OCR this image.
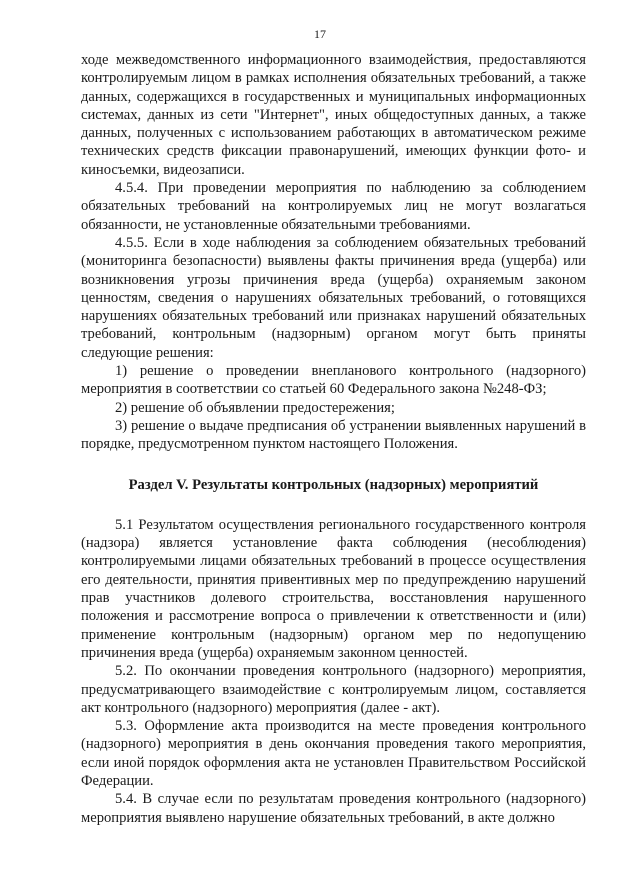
17

ходе межведомственного информационного взаимодействия, предоставляются контролируемым лицом в рамках исполнения обязательных требований, а также данных, содержащихся в государственных и муниципальных информационных системах, данных из сети "Интернет", иных общедоступных данных, а также данных, полученных с использованием работающих в автоматическом режиме технических средств фиксации правонарушений, имеющих функции фото- и киносъемки, видеозаписи.

4.5.4. При проведении мероприятия по наблюдению за соблюдением обязательных требований на контролируемых лиц не могут возлагаться обязанности, не установленные обязательными требованиями.

4.5.5. Если в ходе наблюдения за соблюдением обязательных требований (мониторинга безопасности) выявлены факты причинения вреда (ущерба) или возникновения угрозы причинения вреда (ущерба) охраняемым законом ценностям, сведения о нарушениях обязательных требований, о готовящихся нарушениях обязательных требований или признаках нарушений обязательных требований, контрольным (надзорным) органом могут быть приняты следующие решения:

1) решение о проведении внепланового контрольного (надзорного) мероприятия в соответствии со статьей 60 Федерального закона №248-ФЗ;

2) решение об объявлении предостережения;

3) решение о выдаче предписания об устранении выявленных нарушений в порядке, предусмотренном пунктом настоящего Положения.

Раздел V. Результаты контрольных (надзорных) мероприятий

5.1 Результатом осуществления регионального государственного контроля (надзора) является установление факта соблюдения (несоблюдения) контролируемыми лицами обязательных требований в процессе осуществления его деятельности, принятия привентивных мер по предупреждению нарушений прав участников долевого строительства, восстановления нарушенного положения и рассмотрение вопроса о привлечении к ответственности и (или) применение контрольным (надзорным) органом мер по недопущению причинения вреда (ущерба) охраняемым законном ценностей.

5.2. По окончании проведения контрольного (надзорного) мероприятия, предусматривающего взаимодействие с контролируемым лицом, составляется акт контрольного (надзорного) мероприятия (далее - акт).

5.3. Оформление акта производится на месте проведения контрольного (надзорного) мероприятия в день окончания проведения такого мероприятия, если иной порядок оформления акта не установлен Правительством Российской Федерации.

5.4. В случае если по результатам проведения контрольного (надзорного) мероприятия выявлено нарушение обязательных требований, в акте должно
